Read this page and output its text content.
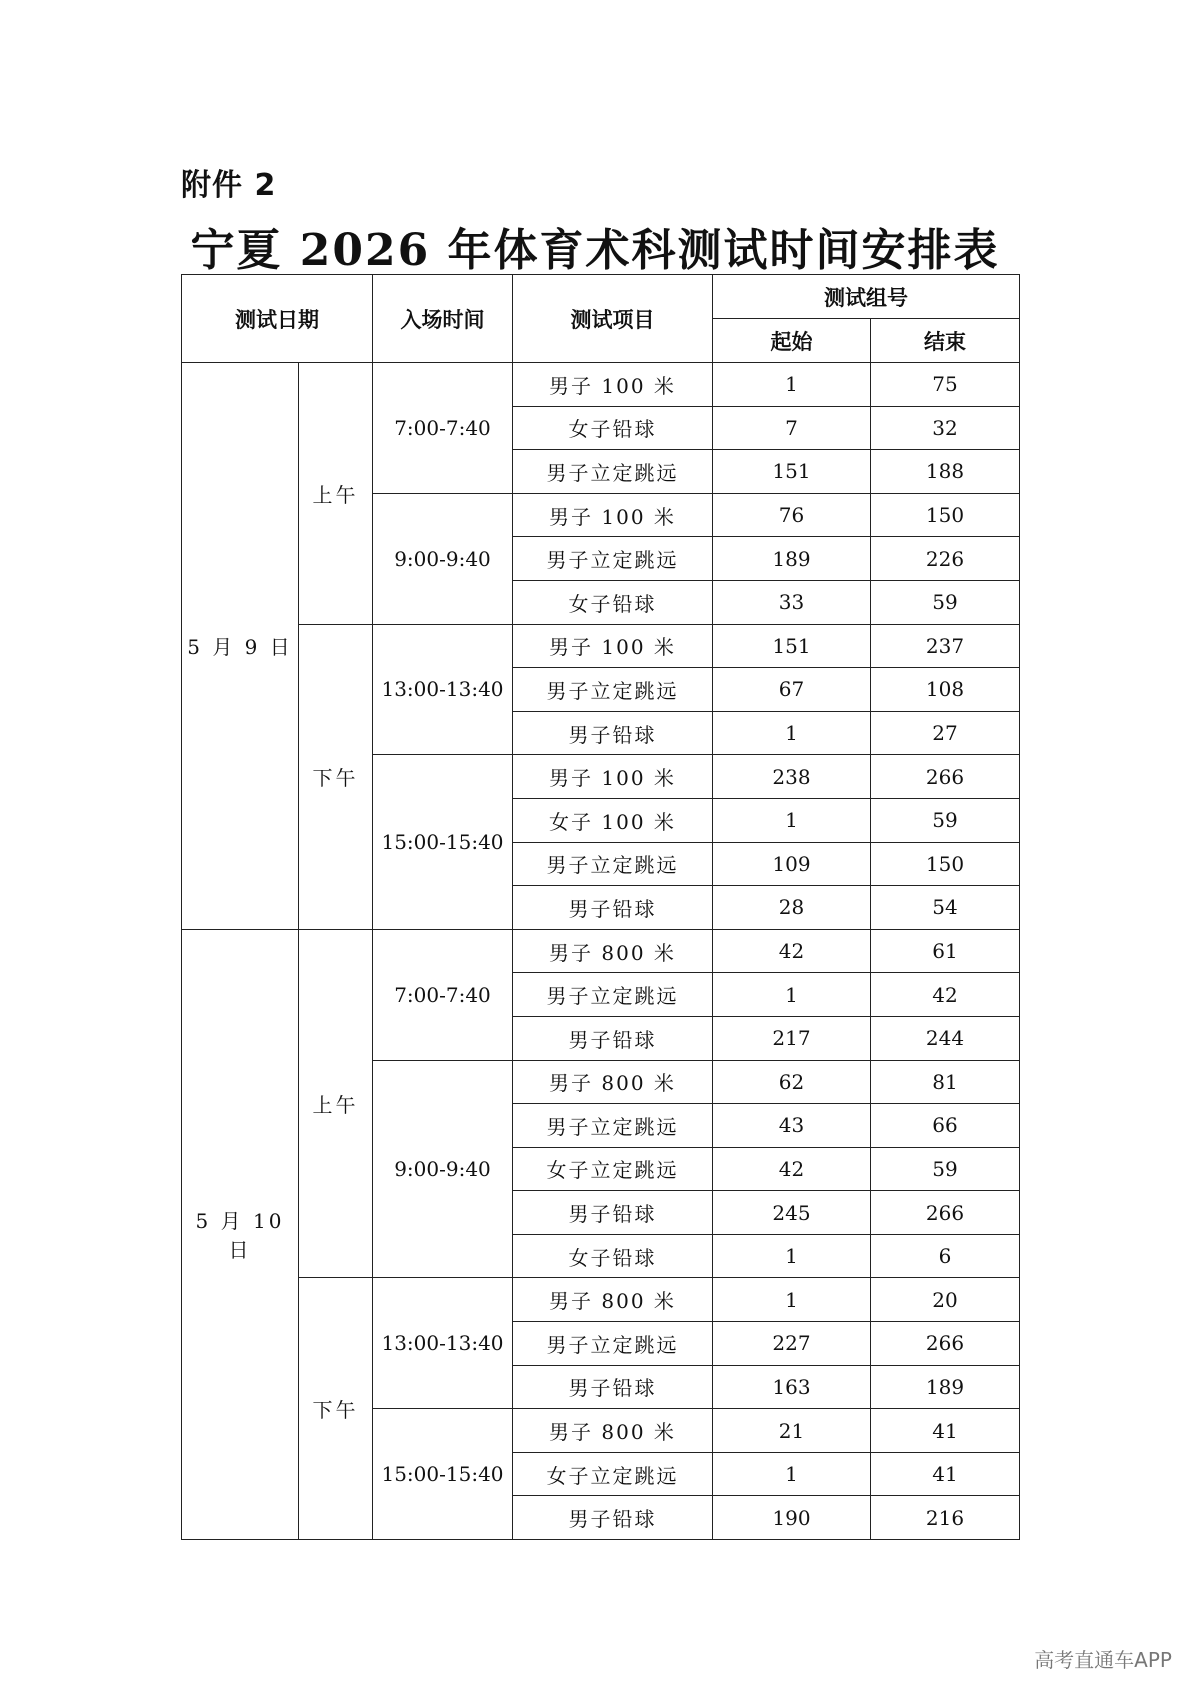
附件 2
宁夏 2026 年体育术科测试时间安排表
测试日期		入场时间	测试项目	测试组号	
				起始	结束
5 月 9 日	上午	7:00-7:40	男子 100 米	1	75
			女子铅球	7	32
			男子立定跳远	151	188
		9:00-9:40	男子 100 米	76	150
			男子立定跳远	189	226
			女子铅球	33	59
	下午	13:00-13:40	男子 100 米	151	237
			男子立定跳远	67	108
			男子铅球	1	27
		15:00-15:40	男子 100 米	238	266
			女子 100 米	1	59
			男子立定跳远	109	150
			男子铅球	28	54
5 月 10 日	上午	7:00-7:40	男子 800 米	42	61
			男子立定跳远	1	42
			男子铅球	217	244
		9:00-9:40	男子 800 米	62	81
			男子立定跳远	43	66
			女子立定跳远	42	59
			男子铅球	245	266
			女子铅球	1	6
	下午	13:00-13:40	男子 800 米	1	20
			男子立定跳远	227	266
			男子铅球	163	189
		15:00-15:40	男子 800 米	21	41
			女子立定跳远	1	41
			男子铅球	190	216
高考直通车APP
